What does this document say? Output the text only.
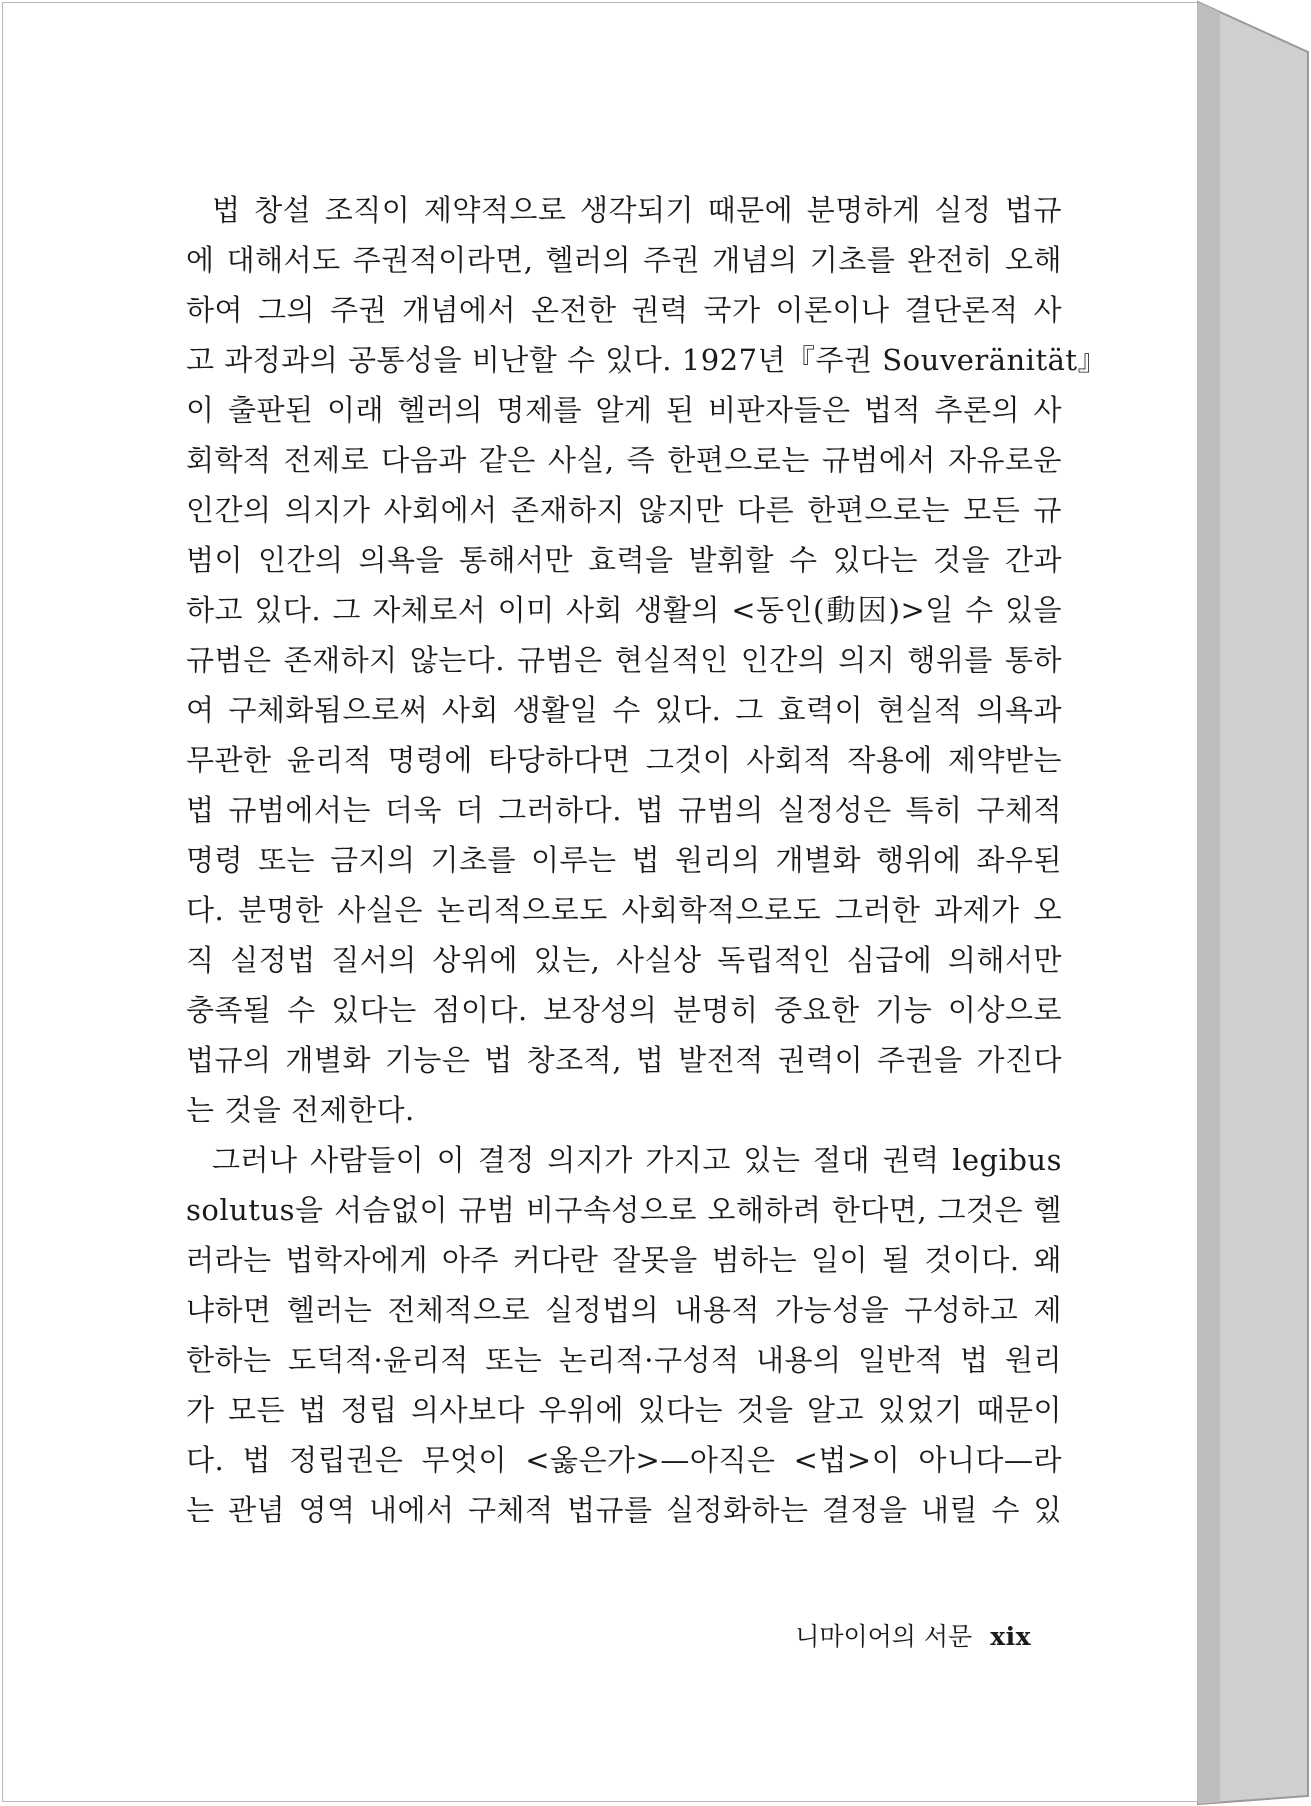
법 창설 조직이 제약적으로 생각되기 때문에 분명하게 실정 법규
에 대해서도 주권적이라면, 헬러의 주권 개념의 기초를 완전히 오해
하여 그의 주권 개념에서 온전한 권력 국가 이론이나 결단론적 사
고 과정과의 공통성을 비난할 수 있다. 1927년『주권 Souveränität』
이 출판된 이래 헬러의 명제를 알게 된 비판자들은 법적 추론의 사
회학적 전제로 다음과 같은 사실, 즉 한편으로는 규범에서 자유로운
인간의 의지가 사회에서 존재하지 않지만 다른 한편으로는 모든 규
범이 인간의 의욕을 통해서만 효력을 발휘할 수 있다는 것을 간과
하고 있다. 그 자체로서 이미 사회 생활의 <동인(動因)>일 수 있을
규범은 존재하지 않는다. 규범은 현실적인 인간의 의지 행위를 통하
여 구체화됨으로써 사회 생활일 수 있다. 그 효력이 현실적 의욕과
무관한 윤리적 명령에 타당하다면 그것이 사회적 작용에 제약받는
법 규범에서는 더욱 더 그러하다. 법 규범의 실정성은 특히 구체적
명령 또는 금지의 기초를 이루는 법 원리의 개별화 행위에 좌우된
다. 분명한 사실은 논리적으로도 사회학적으로도 그러한 과제가 오
직 실정법 질서의 상위에 있는, 사실상 독립적인 심급에 의해서만
충족될 수 있다는 점이다. 보장성의 분명히 중요한 기능 이상으로
법규의 개별화 기능은 법 창조적, 법 발전적 권력이 주권을 가진다
는 것을 전제한다.
그러나 사람들이 이 결정 의지가 가지고 있는 절대 권력 legibus
solutus을 서슴없이 규범 비구속성으로 오해하려 한다면, 그것은 헬
러라는 법학자에게 아주 커다란 잘못을 범하는 일이 될 것이다. 왜
냐하면 헬러는 전체적으로 실정법의 내용적 가능성을 구성하고 제
한하는 도덕적·윤리적 또는 논리적·구성적 내용의 일반적 법 원리
가 모든 법 정립 의사보다 우위에 있다는 것을 알고 있었기 때문이
다. 법 정립권은 무엇이 <옳은가>—아직은 <법>이 아니다—라
는 관념 영역 내에서 구체적 법규를 실정화하는 결정을 내릴 수 있
니마이어의 서문 xix
